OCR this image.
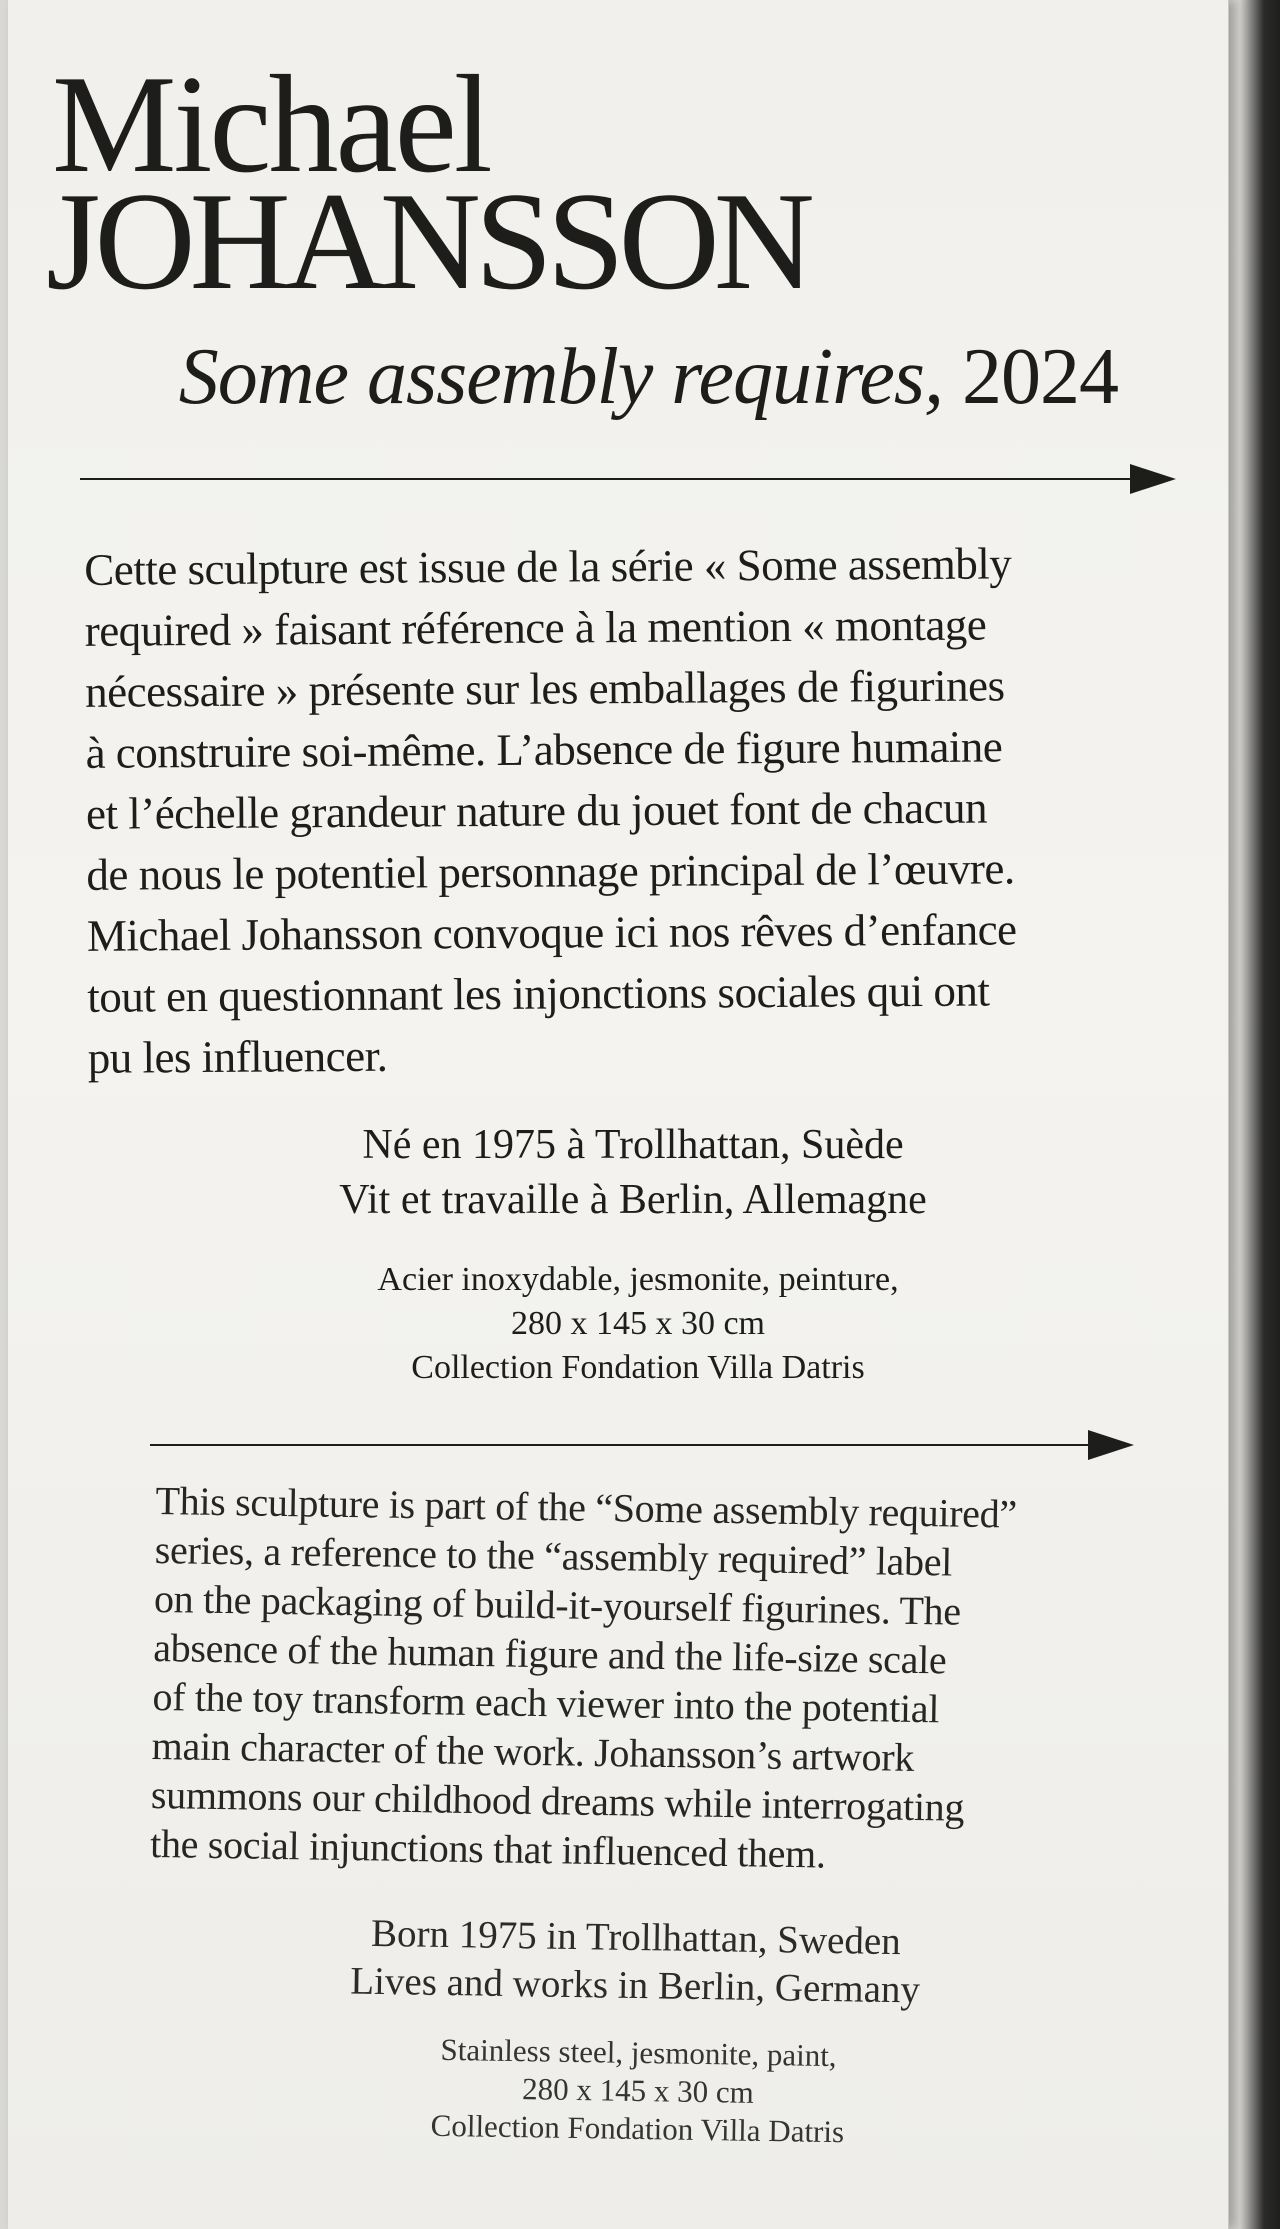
Michael
JOHANSSON
Some assembly requires, 2024
Cette sculpture est issue de la série « Some assembly
required » faisant référence à la mention « montage
nécessaire » présente sur les emballages de figurines
à construire soi-même. L’absence de figure humaine
et l’échelle grandeur nature du jouet font de chacun
de nous le potentiel personnage principal de l’œuvre.
Michael Johansson convoque ici nos rêves d’enfance
tout en questionnant les injonctions sociales qui ont
pu les influencer.
Né en 1975 à Trollhattan, Suède
Vit et travaille à Berlin, Allemagne
Acier inoxydable, jesmonite, peinture,
280 x 145 x 30 cm
Collection Fondation Villa Datris
This sculpture is part of the “Some assembly required”
series, a reference to the “assembly required” label
on the packaging of build-it-yourself figurines. The
absence of the human figure and the life-size scale
of the toy transform each viewer into the potential
main character of the work. Johansson’s artwork
summons our childhood dreams while interrogating
the social injunctions that influenced them.
Born 1975 in Trollhattan, Sweden
Lives and works in Berlin, Germany
Stainless steel, jesmonite, paint,
280 x 145 x 30 cm
Collection Fondation Villa Datris
